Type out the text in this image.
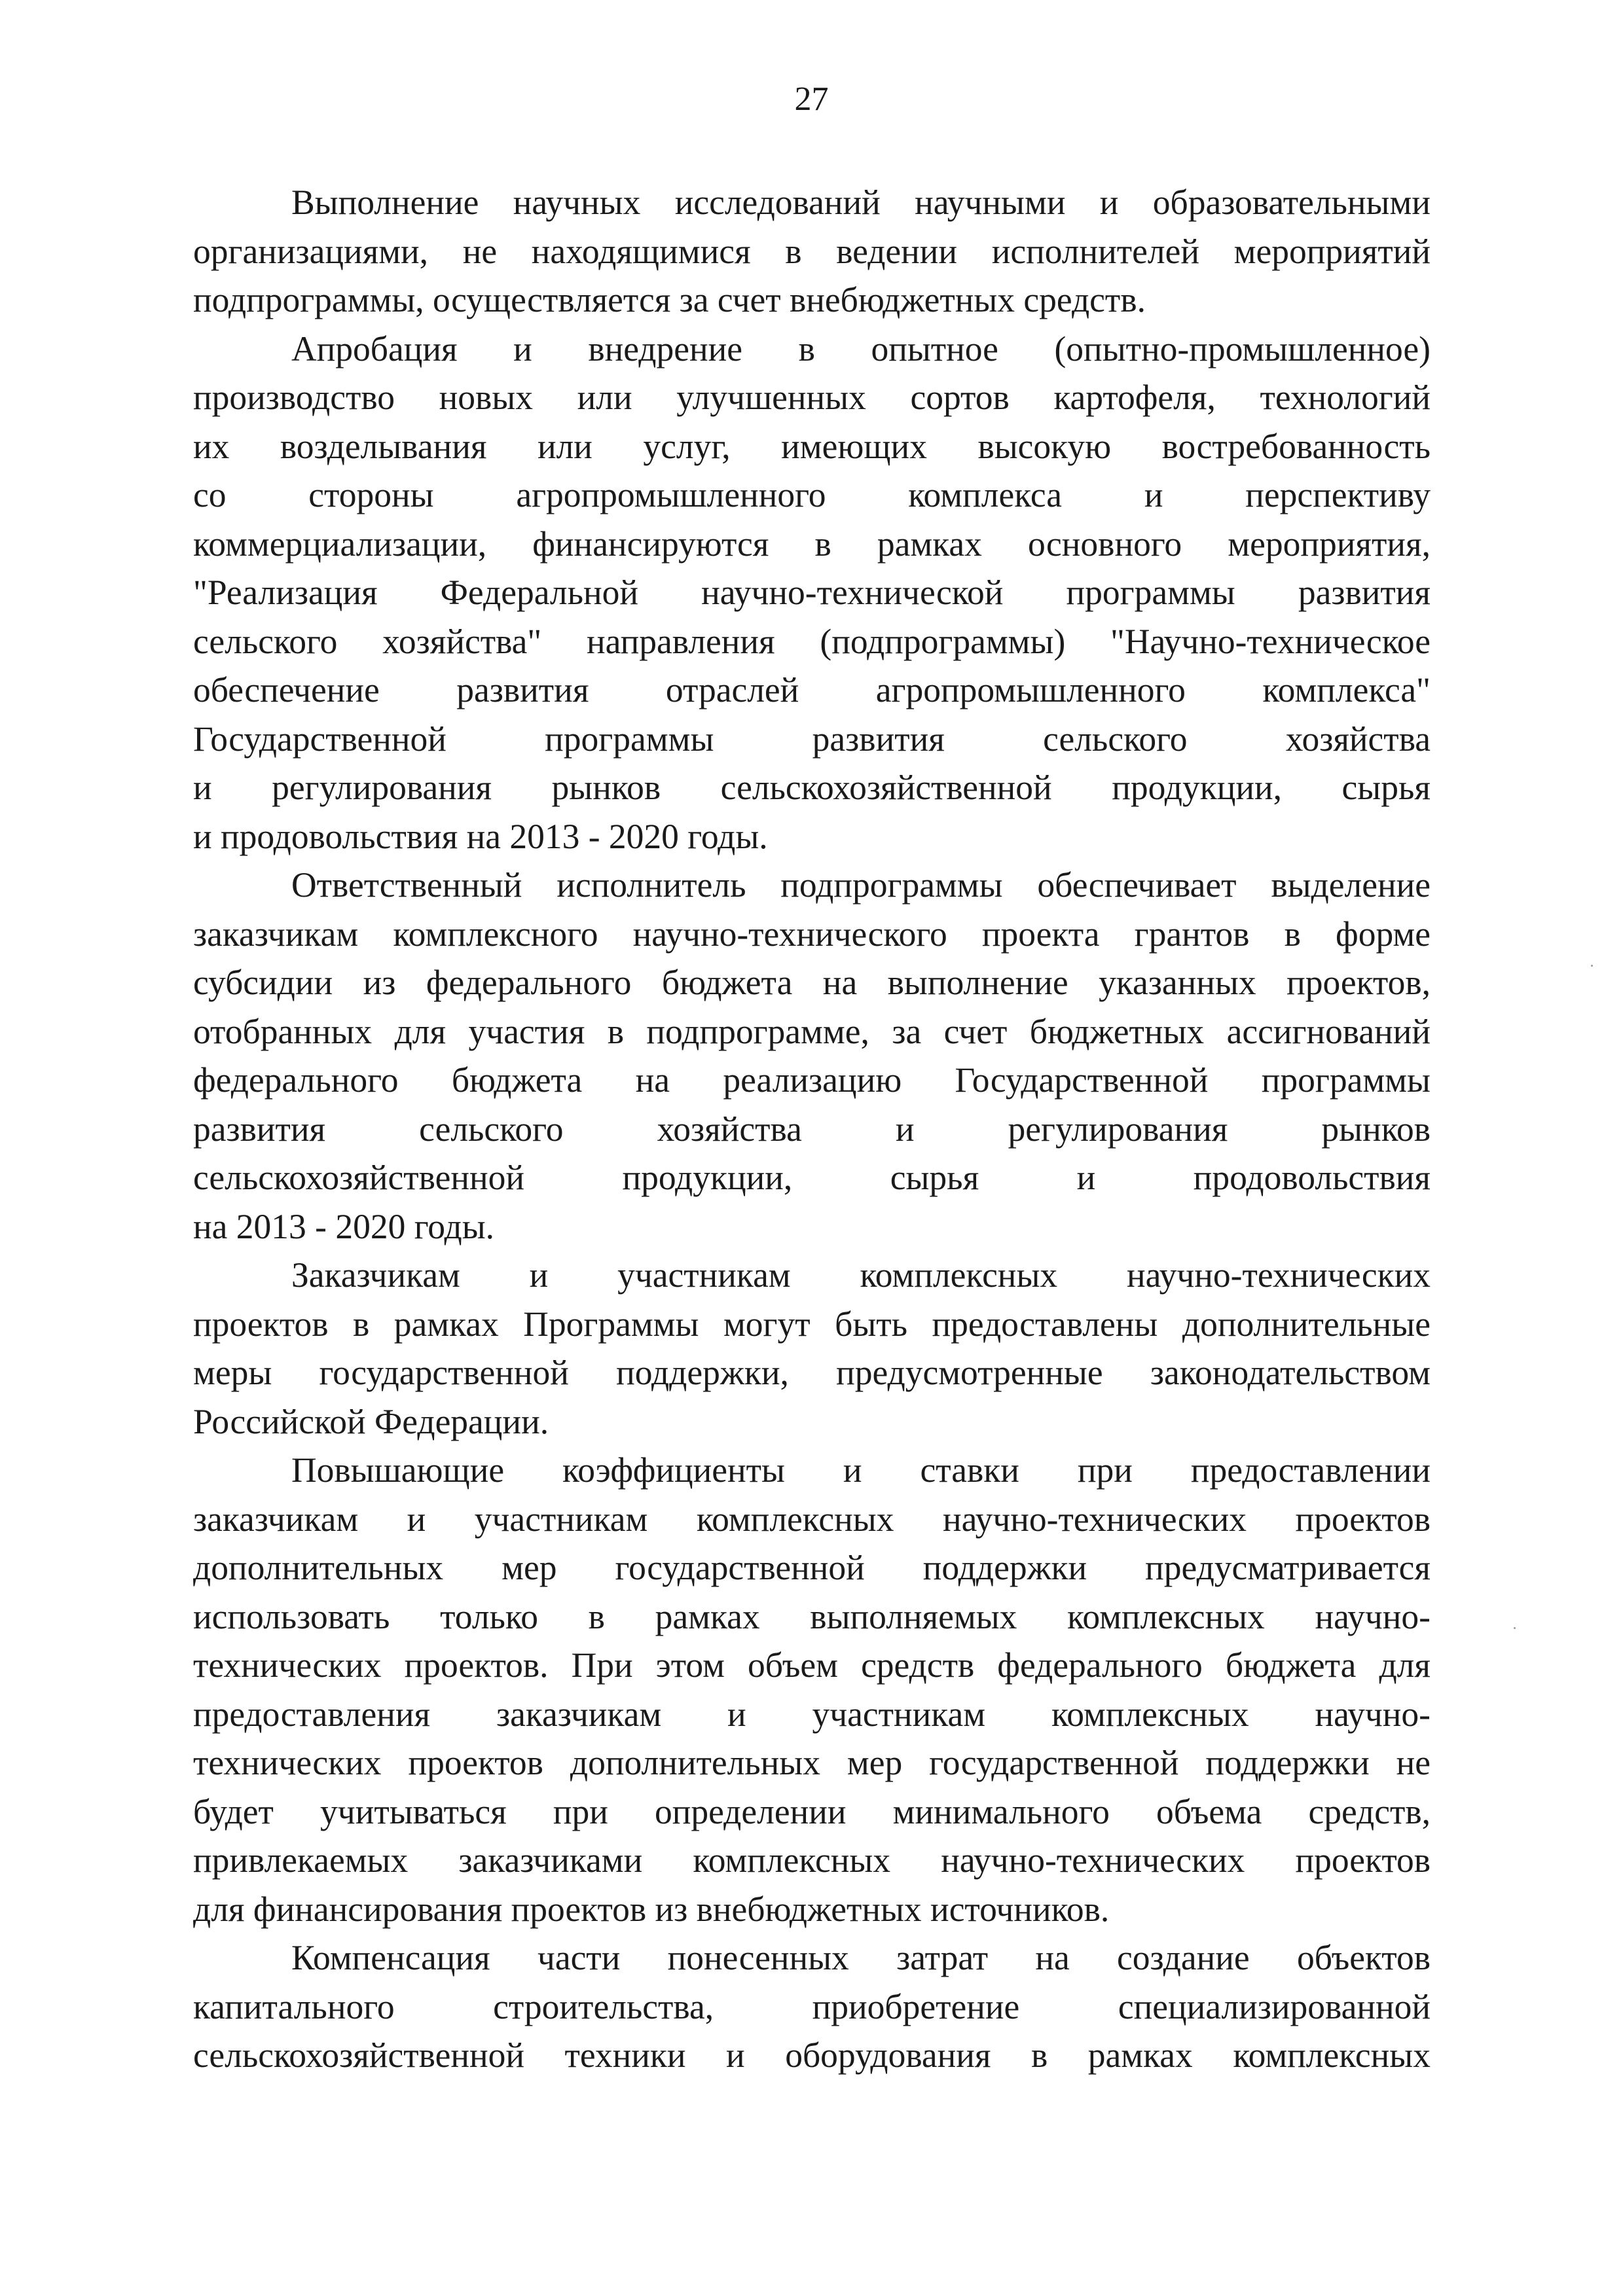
27
Выполнение научных исследований научными и образовательными
организациями, не находящимися в ведении исполнителей мероприятий
подпрограммы, осуществляется за счет внебюджетных средств.
Апробация и внедрение в опытное (опытно-промышленное)
производство новых или улучшенных сортов картофеля, технологий
их возделывания или услуг, имеющих высокую востребованность
со стороны агропромышленного комплекса и перспективу
коммерциализации, финансируются в рамках основного мероприятия,
"Реализация Федеральной научно-технической программы развития
сельского хозяйства" направления (подпрограммы) "Научно-техническое
обеспечение развития отраслей агропромышленного комплекса"
Государственной программы развития сельского хозяйства
и регулирования рынков сельскохозяйственной продукции, сырья
и продовольствия на 2013 - 2020 годы.
Ответственный исполнитель подпрограммы обеспечивает выделение
заказчикам комплексного научно-технического проекта грантов в форме
субсидии из федерального бюджета на выполнение указанных проектов,
отобранных для участия в подпрограмме, за счет бюджетных ассигнований
федерального бюджета на реализацию Государственной программы
развития сельского хозяйства и регулирования рынков
сельскохозяйственной продукции, сырья и продовольствия
на 2013 - 2020 годы.
Заказчикам и участникам комплексных научно-технических
проектов в рамках Программы могут быть предоставлены дополнительные
меры государственной поддержки, предусмотренные законодательством
Российской Федерации.
Повышающие коэффициенты и ставки при предоставлении
заказчикам и участникам комплексных научно-технических проектов
дополнительных мер государственной поддержки предусматривается
использовать только в рамках выполняемых комплексных научно-
технических проектов. При этом объем средств федерального бюджета для
предоставления заказчикам и участникам комплексных научно-
технических проектов дополнительных мер государственной поддержки не
будет учитываться при определении минимального объема средств,
привлекаемых заказчиками комплексных научно-технических проектов
для финансирования проектов из внебюджетных источников.
Компенсация части понесенных затрат на создание объектов
капитального строительства, приобретение специализированной
сельскохозяйственной техники и оборудования в рамках комплексных
